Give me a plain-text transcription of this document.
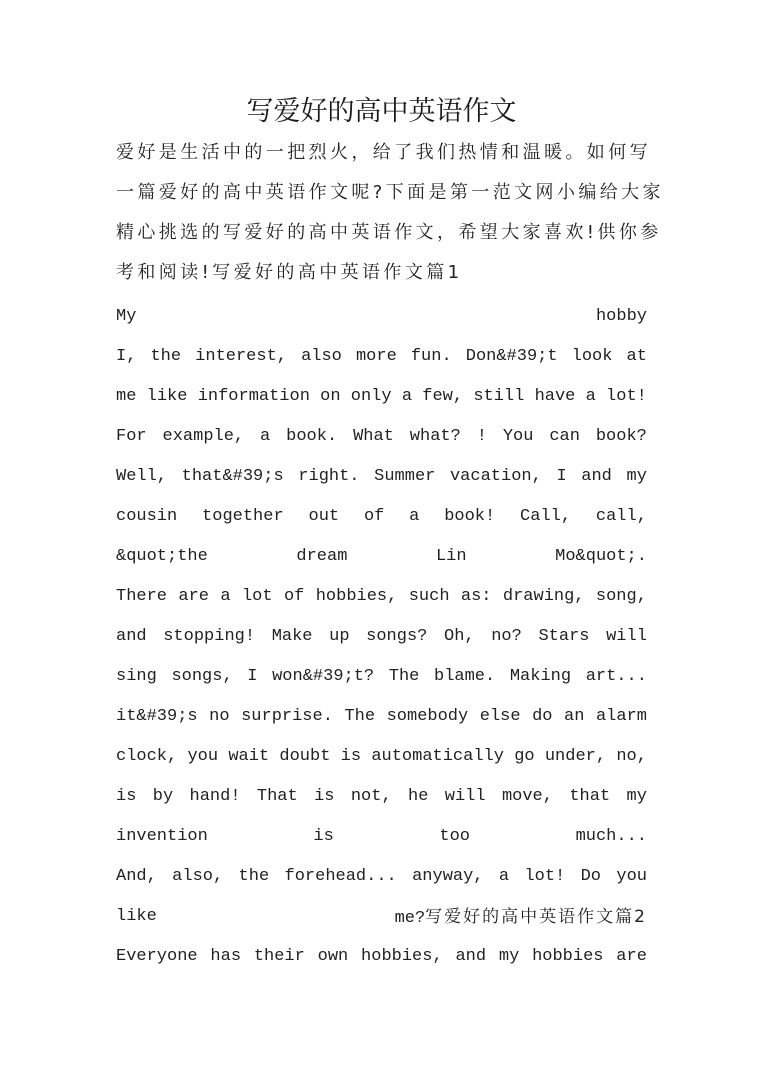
写爱好的高中英语作文
爱好是生活中的一把烈火，给了我们热情和温暖。如何写
一篇爱好的高中英语作文呢?下面是第一范文网小编给大家
精心挑选的写爱好的高中英语作文，希望大家喜欢!供你参
考和阅读!写爱好的高中英语作文篇1
My	hobby
I, the interest, also more fun. Don&#39;t look at
me like information on only a few, still have a lot!
For example, a book. What what? ! You can book?
Well, that&#39;s right. Summer vacation, I and my
cousin together out of a book! Call, call,
&quot;the	dream	Lin	Mo&quot;.
There are a lot of hobbies, such as: drawing, song,
and stopping! Make up songs? Oh, no? Stars will
sing songs, I won&#39;t? The blame. Making art...
it&#39;s no surprise. The somebody else do an alarm
clock, you wait doubt is automatically go under, no,
is by hand! That is not, he will move, that my
invention	is	too	much...
And, also, the forehead... anyway, a lot! Do you
like	me?写爱好的高中英语作文篇2
Everyone has their own hobbies, and my hobbies are
